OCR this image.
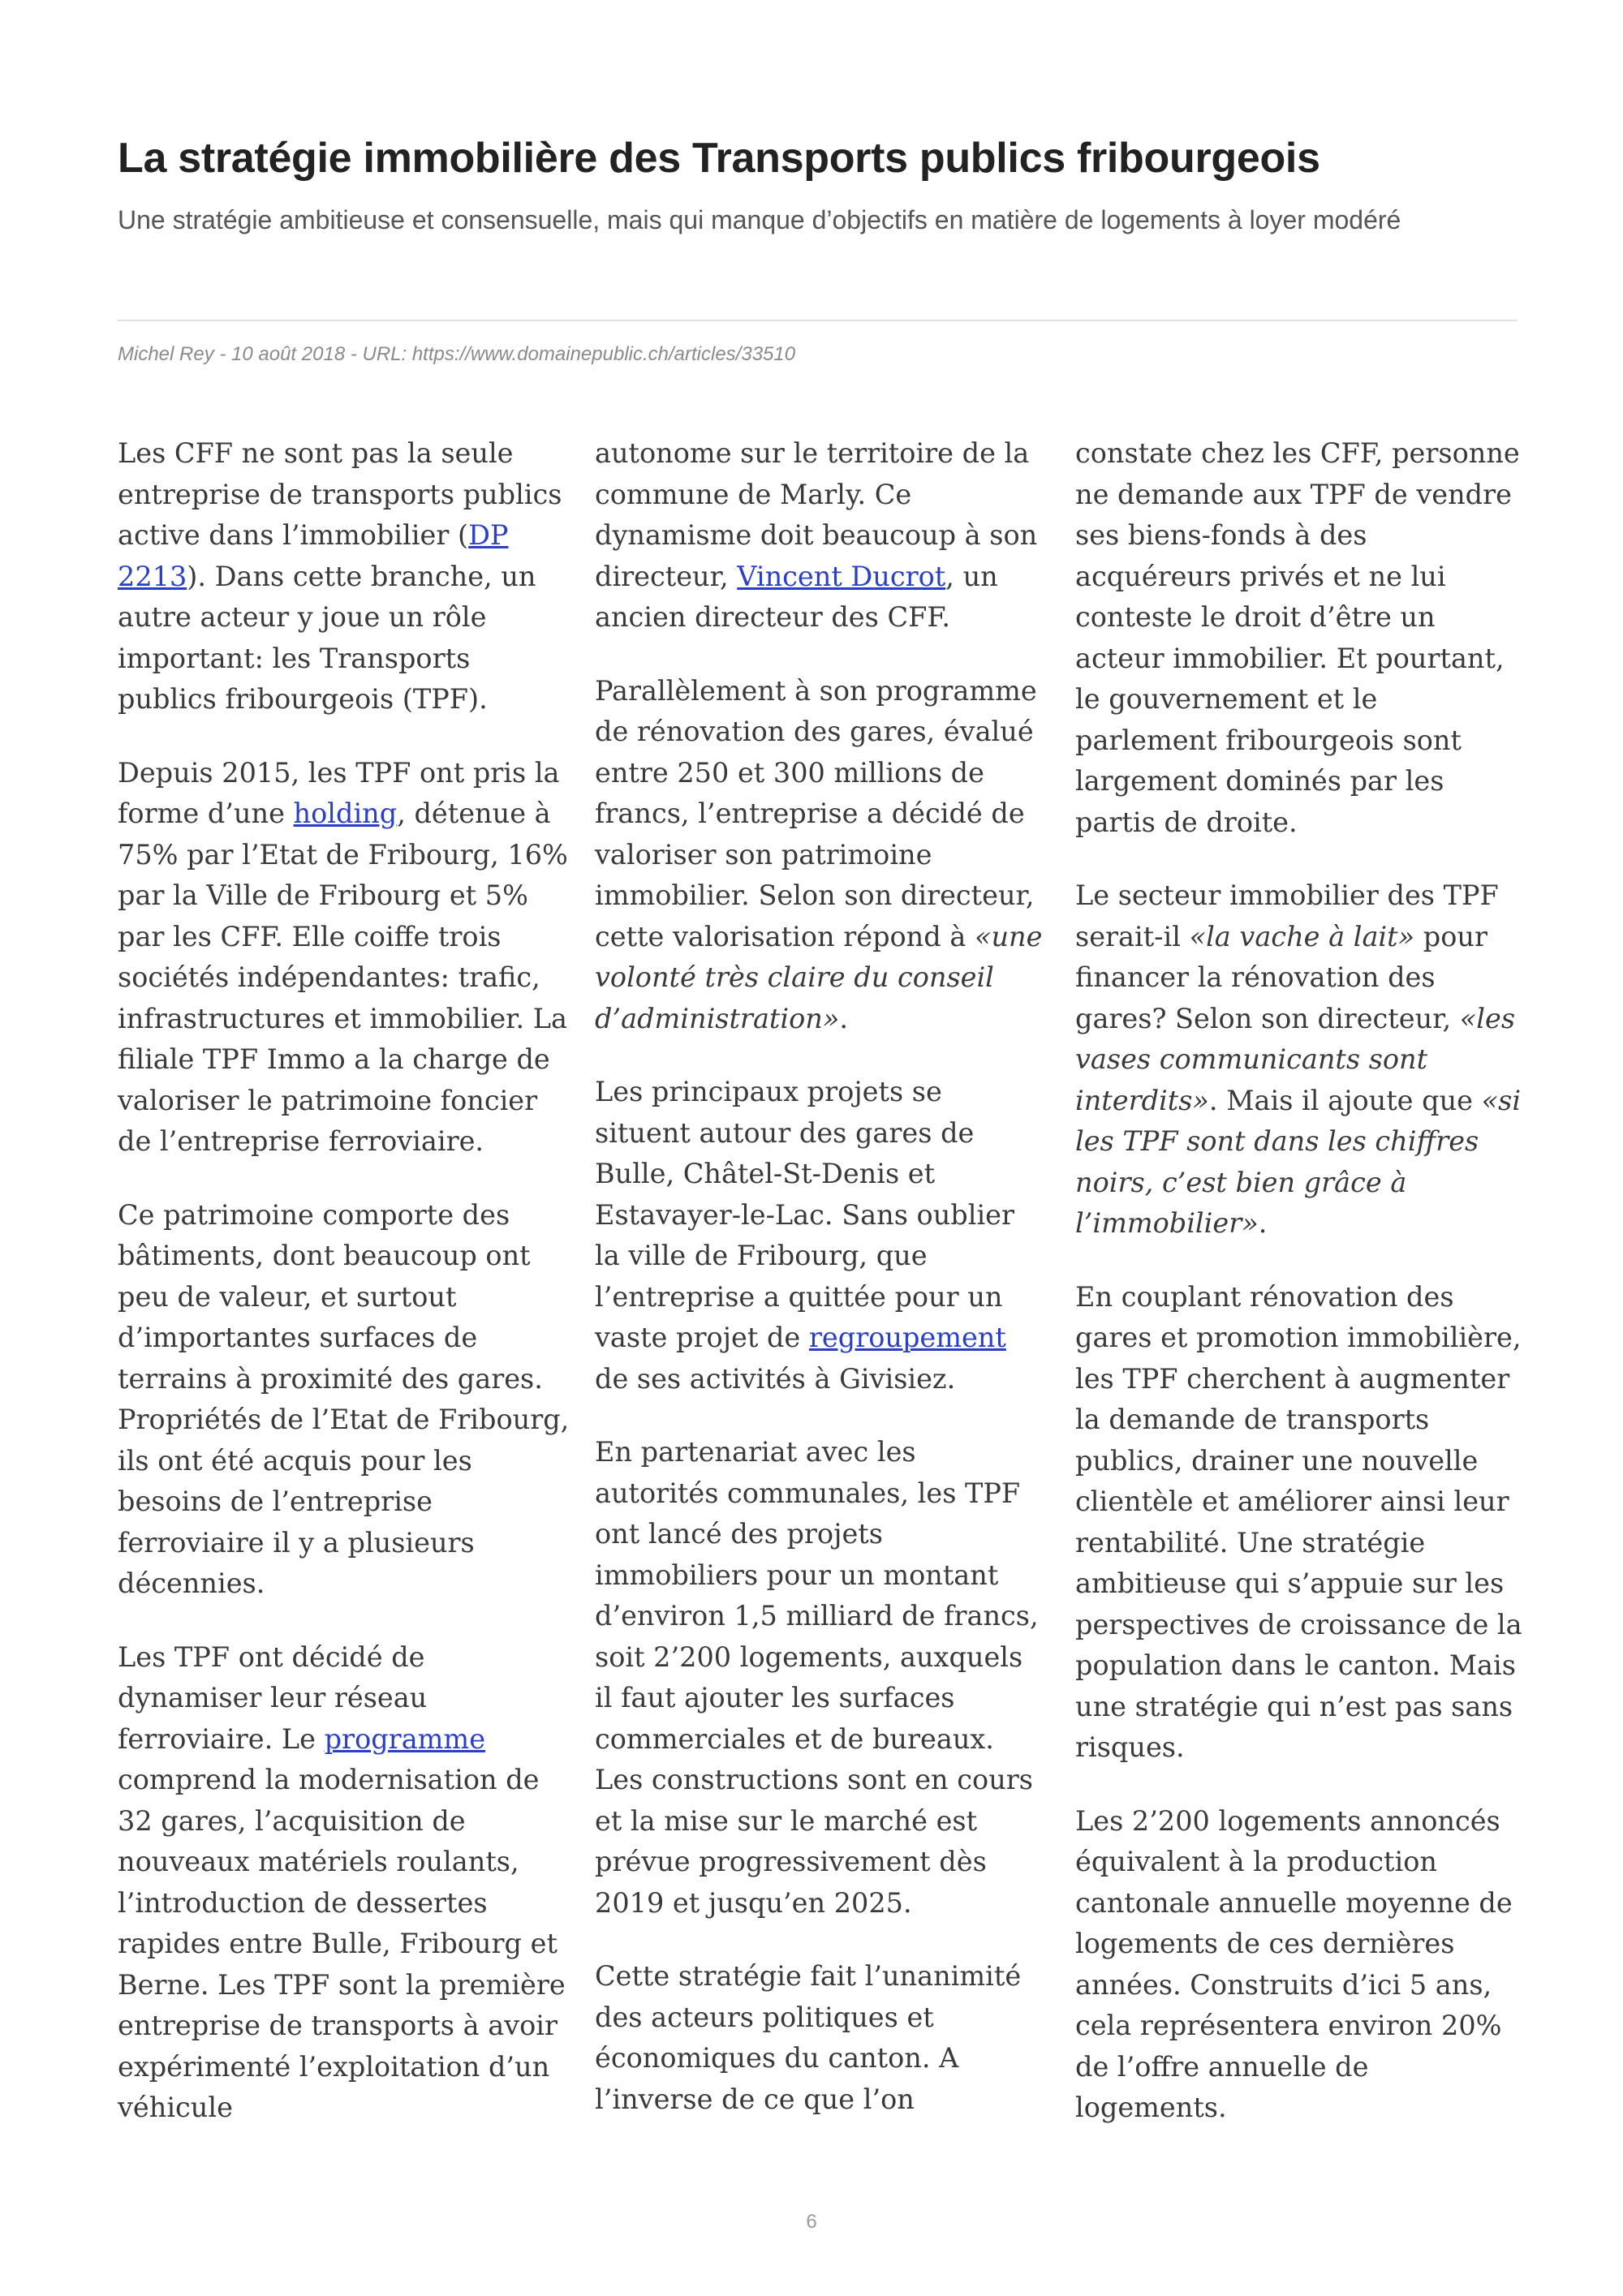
La stratégie immobilière des Transports publics fribourgeois

Une stratégie ambitieuse et consensuelle, mais qui manque d’objectifs en matière de logements à loyer modéré

Michel Rey - 10 août 2018 - URL: https://www.domainepublic.ch/articles/33510

Les CFF ne sont pas la seule entreprise de transports publics active dans l’immobilier (DP 2213). Dans cette branche, un autre acteur y joue un rôle important: les Transports publics fribourgeois (TPF).

Depuis 2015, les TPF ont pris la forme d’une holding, détenue à 75% par l’Etat de Fribourg, 16% par la Ville de Fribourg et 5% par les CFF. Elle coiffe trois sociétés indépendantes: trafic, infrastructures et immobilier. La filiale TPF Immo a la charge de valoriser le patrimoine foncier de l’entreprise ferroviaire.

Ce patrimoine comporte des bâtiments, dont beaucoup ont peu de valeur, et surtout d’importantes surfaces de terrains à proximité des gares. Propriétés de l’Etat de Fribourg, ils ont été acquis pour les besoins de l’entreprise ferroviaire il y a plusieurs décennies.

Les TPF ont décidé de dynamiser leur réseau ferroviaire. Le programme comprend la modernisation de 32 gares, l’acquisition de nouveaux matériels roulants, l’introduction de dessertes rapides entre Bulle, Fribourg et Berne. Les TPF sont la première entreprise de transports à avoir expérimenté l’exploitation d’un véhicule

autonome sur le territoire de la commune de Marly. Ce dynamisme doit beaucoup à son directeur, Vincent Ducrot, un ancien directeur des CFF.

Parallèlement à son programme de rénovation des gares, évalué entre 250 et 300 millions de francs, l’entreprise a décidé de valoriser son patrimoine immobilier. Selon son directeur, cette valorisation répond à «une volonté très claire du conseil d’administration».

Les principaux projets se situent autour des gares de Bulle, Châtel-St-Denis et Estavayer-le-Lac. Sans oublier la ville de Fribourg, que l’entreprise a quittée pour un vaste projet de regroupement de ses activités à Givisiez.

En partenariat avec les autorités communales, les TPF ont lancé des projets immobiliers pour un montant d’environ 1,5 milliard de francs, soit 2’200 logements, auxquels il faut ajouter les surfaces commerciales et de bureaux. Les constructions sont en cours et la mise sur le marché est prévue progressivement dès 2019 et jusqu’en 2025.

Cette stratégie fait l’unanimité des acteurs politiques et économiques du canton. A l’inverse de ce que l’on

constate chez les CFF, personne ne demande aux TPF de vendre ses biens-fonds à des acquéreurs privés et ne lui conteste le droit d’être un acteur immobilier. Et pourtant, le gouvernement et le parlement fribourgeois sont largement dominés par les partis de droite.

Le secteur immobilier des TPF serait-il «la vache à lait» pour financer la rénovation des gares? Selon son directeur, «les vases communicants sont interdits». Mais il ajoute que «si les TPF sont dans les chiffres noirs, c’est bien grâce à l’immobilier».

En couplant rénovation des gares et promotion immobilière, les TPF cherchent à augmenter la demande de transports publics, drainer une nouvelle clientèle et améliorer ainsi leur rentabilité. Une stratégie ambitieuse qui s’appuie sur les perspectives de croissance de la population dans le canton. Mais une stratégie qui n’est pas sans risques.

Les 2’200 logements annoncés équivalent à la production cantonale annuelle moyenne de logements de ces dernières années. Construits d’ici 5 ans, cela représentera environ 20% de l’offre annuelle de logements.

6
